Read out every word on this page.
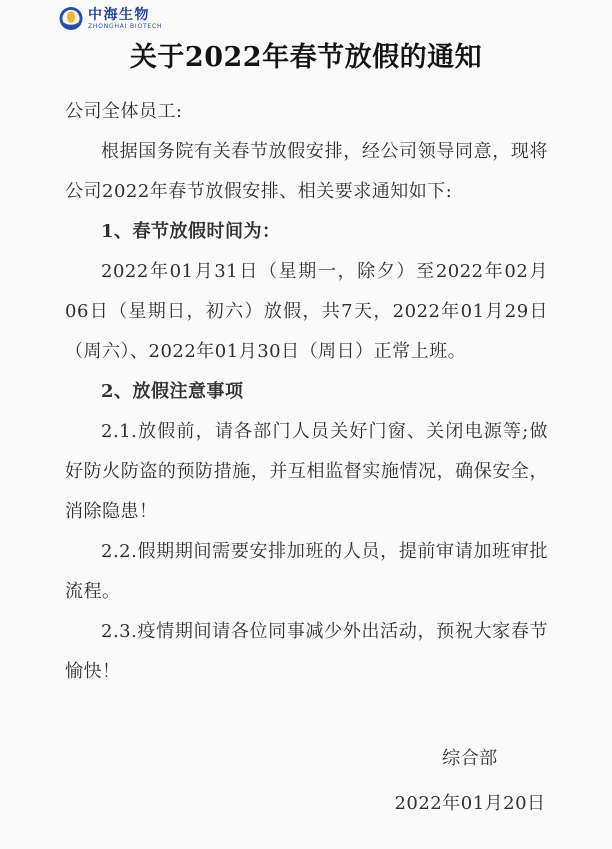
中海生物
ZHONGHAI BIOTECH
关于2022年春节放假的通知

公司全体员工:

根据国务院有关春节放假安排，经公司领导同意，现将公司2022年春节放假安排、相关要求通知如下:

1、春节放假时间为：

2022年01月31日（星期一，除夕）至2022年02月06日（星期日，初六）放假，共7天，2022年01月29日（周六）、2022年01月30日（周日）正常上班。

2、放假注意事项

2.1.放假前，请各部门人员关好门窗、关闭电源等;做好防火防盗的预防措施，并互相监督实施情况，确保安全，消除隐患！

2.2.假期期间需要安排加班的人员，提前审请加班审批流程。

2.3.疫情期间请各位同事减少外出活动，预祝大家春节愉快！

综合部
2022年01月20日
